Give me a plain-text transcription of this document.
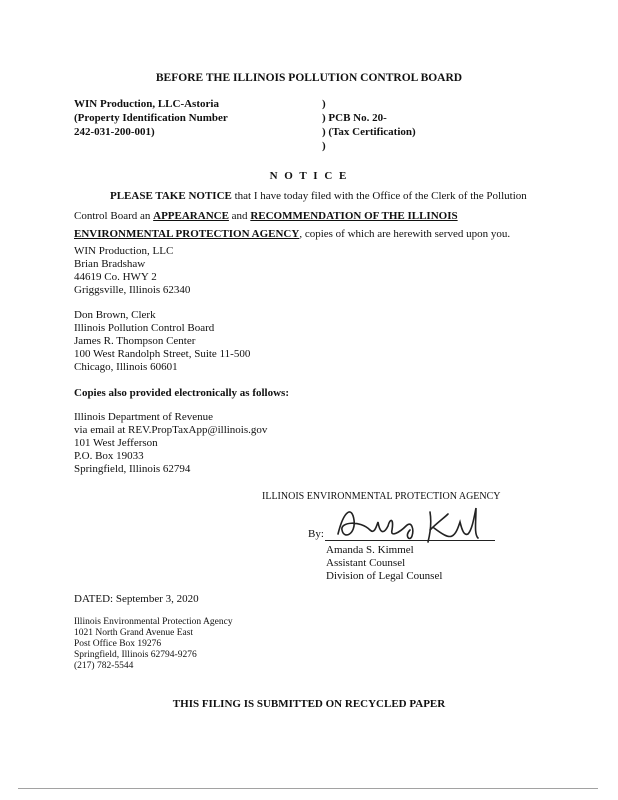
BEFORE THE ILLINOIS POLLUTION CONTROL BOARD
WIN Production, LLC-Astoria
(Property Identification Number
242-031-200-001)
)
) PCB No. 20-
) (Tax Certification)
)
N O T I C E
PLEASE TAKE NOTICE that I have today filed with the Office of the Clerk of the Pollution
Control Board an APPEARANCE and RECOMMENDATION OF THE ILLINOIS
ENVIRONMENTAL PROTECTION AGENCY, copies of which are herewith served upon you.
WIN Production, LLC
Brian Bradshaw
44619 Co. HWY 2
Griggsville, Illinois 62340
Don Brown, Clerk
Illinois Pollution Control Board
James R. Thompson Center
100 West Randolph Street, Suite 11-500
Chicago, Illinois 60601
Copies also provided electronically as follows:
Illinois Department of Revenue
via email at REV.PropTaxApp@illinois.gov
101 West Jefferson
P.O. Box 19033
Springfield, Illinois 62794
ILLINOIS ENVIRONMENTAL PROTECTION AGENCY
By:
Amanda S. Kimmel
Assistant Counsel
Division of Legal Counsel
DATED: September 3, 2020
Illinois Environmental Protection Agency
1021 North Grand Avenue East
Post Office Box 19276
Springfield, Illinois 62794-9276
(217) 782-5544
THIS FILING IS SUBMITTED ON RECYCLED PAPER
